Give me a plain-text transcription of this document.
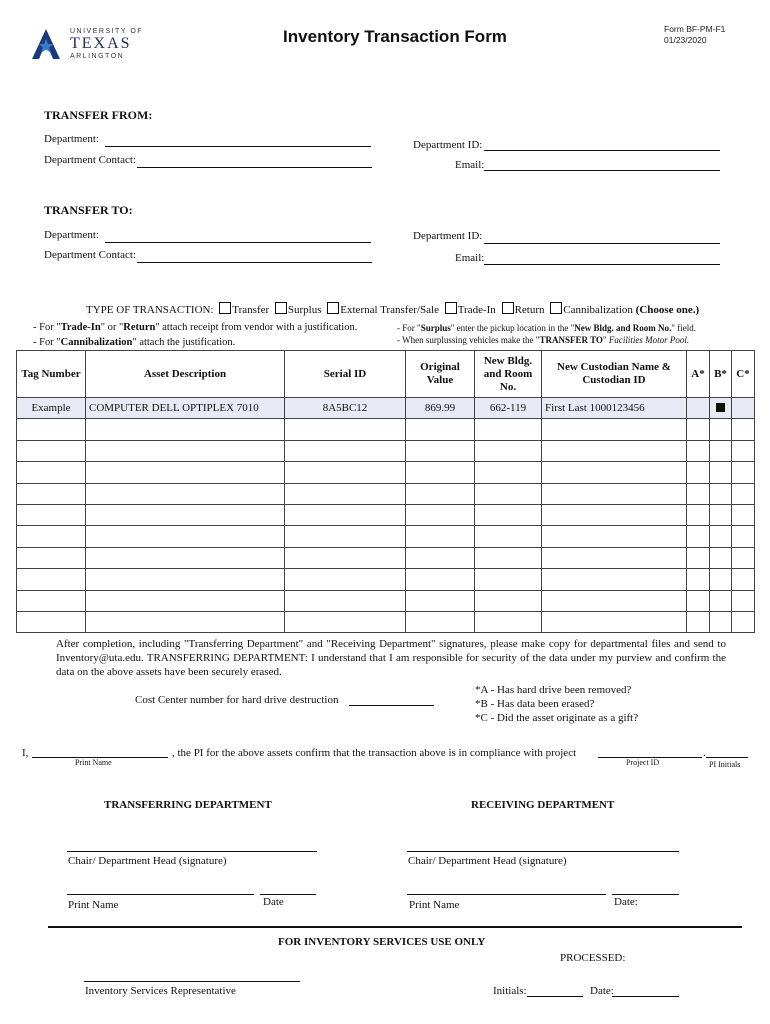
UNIVERSITY OF
TEXAS
ARLINGTON
Inventory Transaction Form	Form BF-PM-F1
01/23/2020
TRANSFER FROM:
Department:	Department ID:
Department Contact:	Email:
TRANSFER TO:
Department:	Department ID:
Department Contact:	Email:
TYPE OF TRANSACTION: Transfer Surplus External Transfer/Sale Trade-In Return Cannibalization (Choose one.)
- For "Trade-In" or "Return" attach receipt from vendor with a justification.
- For "Cannibalization" attach the justification.
- For "Surplus" enter the pickup location in the "New Bldg. and Room No." field.
- When surplussing vehicles make the "TRANSFER TO" Facilities Motor Pool.
Tag Number	Asset Description	Serial ID	Original Value	New Bldg. and Room No.	New Custodian Name & Custodian ID	A*	B*	C*
Example	COMPUTER DELL OPTIPLEX 7010	8A5BC12	869.99	662-119	First Last 1000123456			

After completion, including "Transferring Department" and "Receiving Department" signatures, please make copy for departmental files and send to Inventory@uta.edu. TRANSFERRING DEPARTMENT: I understand that I am responsible for security of the data under my purview and confirm the data on the above assets have been securely erased.
Cost Center number for hard drive destruction
*A - Has hard drive been removed?
*B - Has data been erased?
*C - Did the asset originate as a gift?
I,
Print Name
, the PI for the above assets confirm that the transaction above is in compliance with project
Project ID
.
PI Initials
TRANSFERRING DEPARTMENT	RECEIVING DEPARTMENT
Chair/ Department Head (signature)	Chair/ Department Head (signature)
Print Name	Date	Print Name	Date:
FOR INVENTORY SERVICES USE ONLY
PROCESSED:
Inventory Services Representative	Initials:	Date:
